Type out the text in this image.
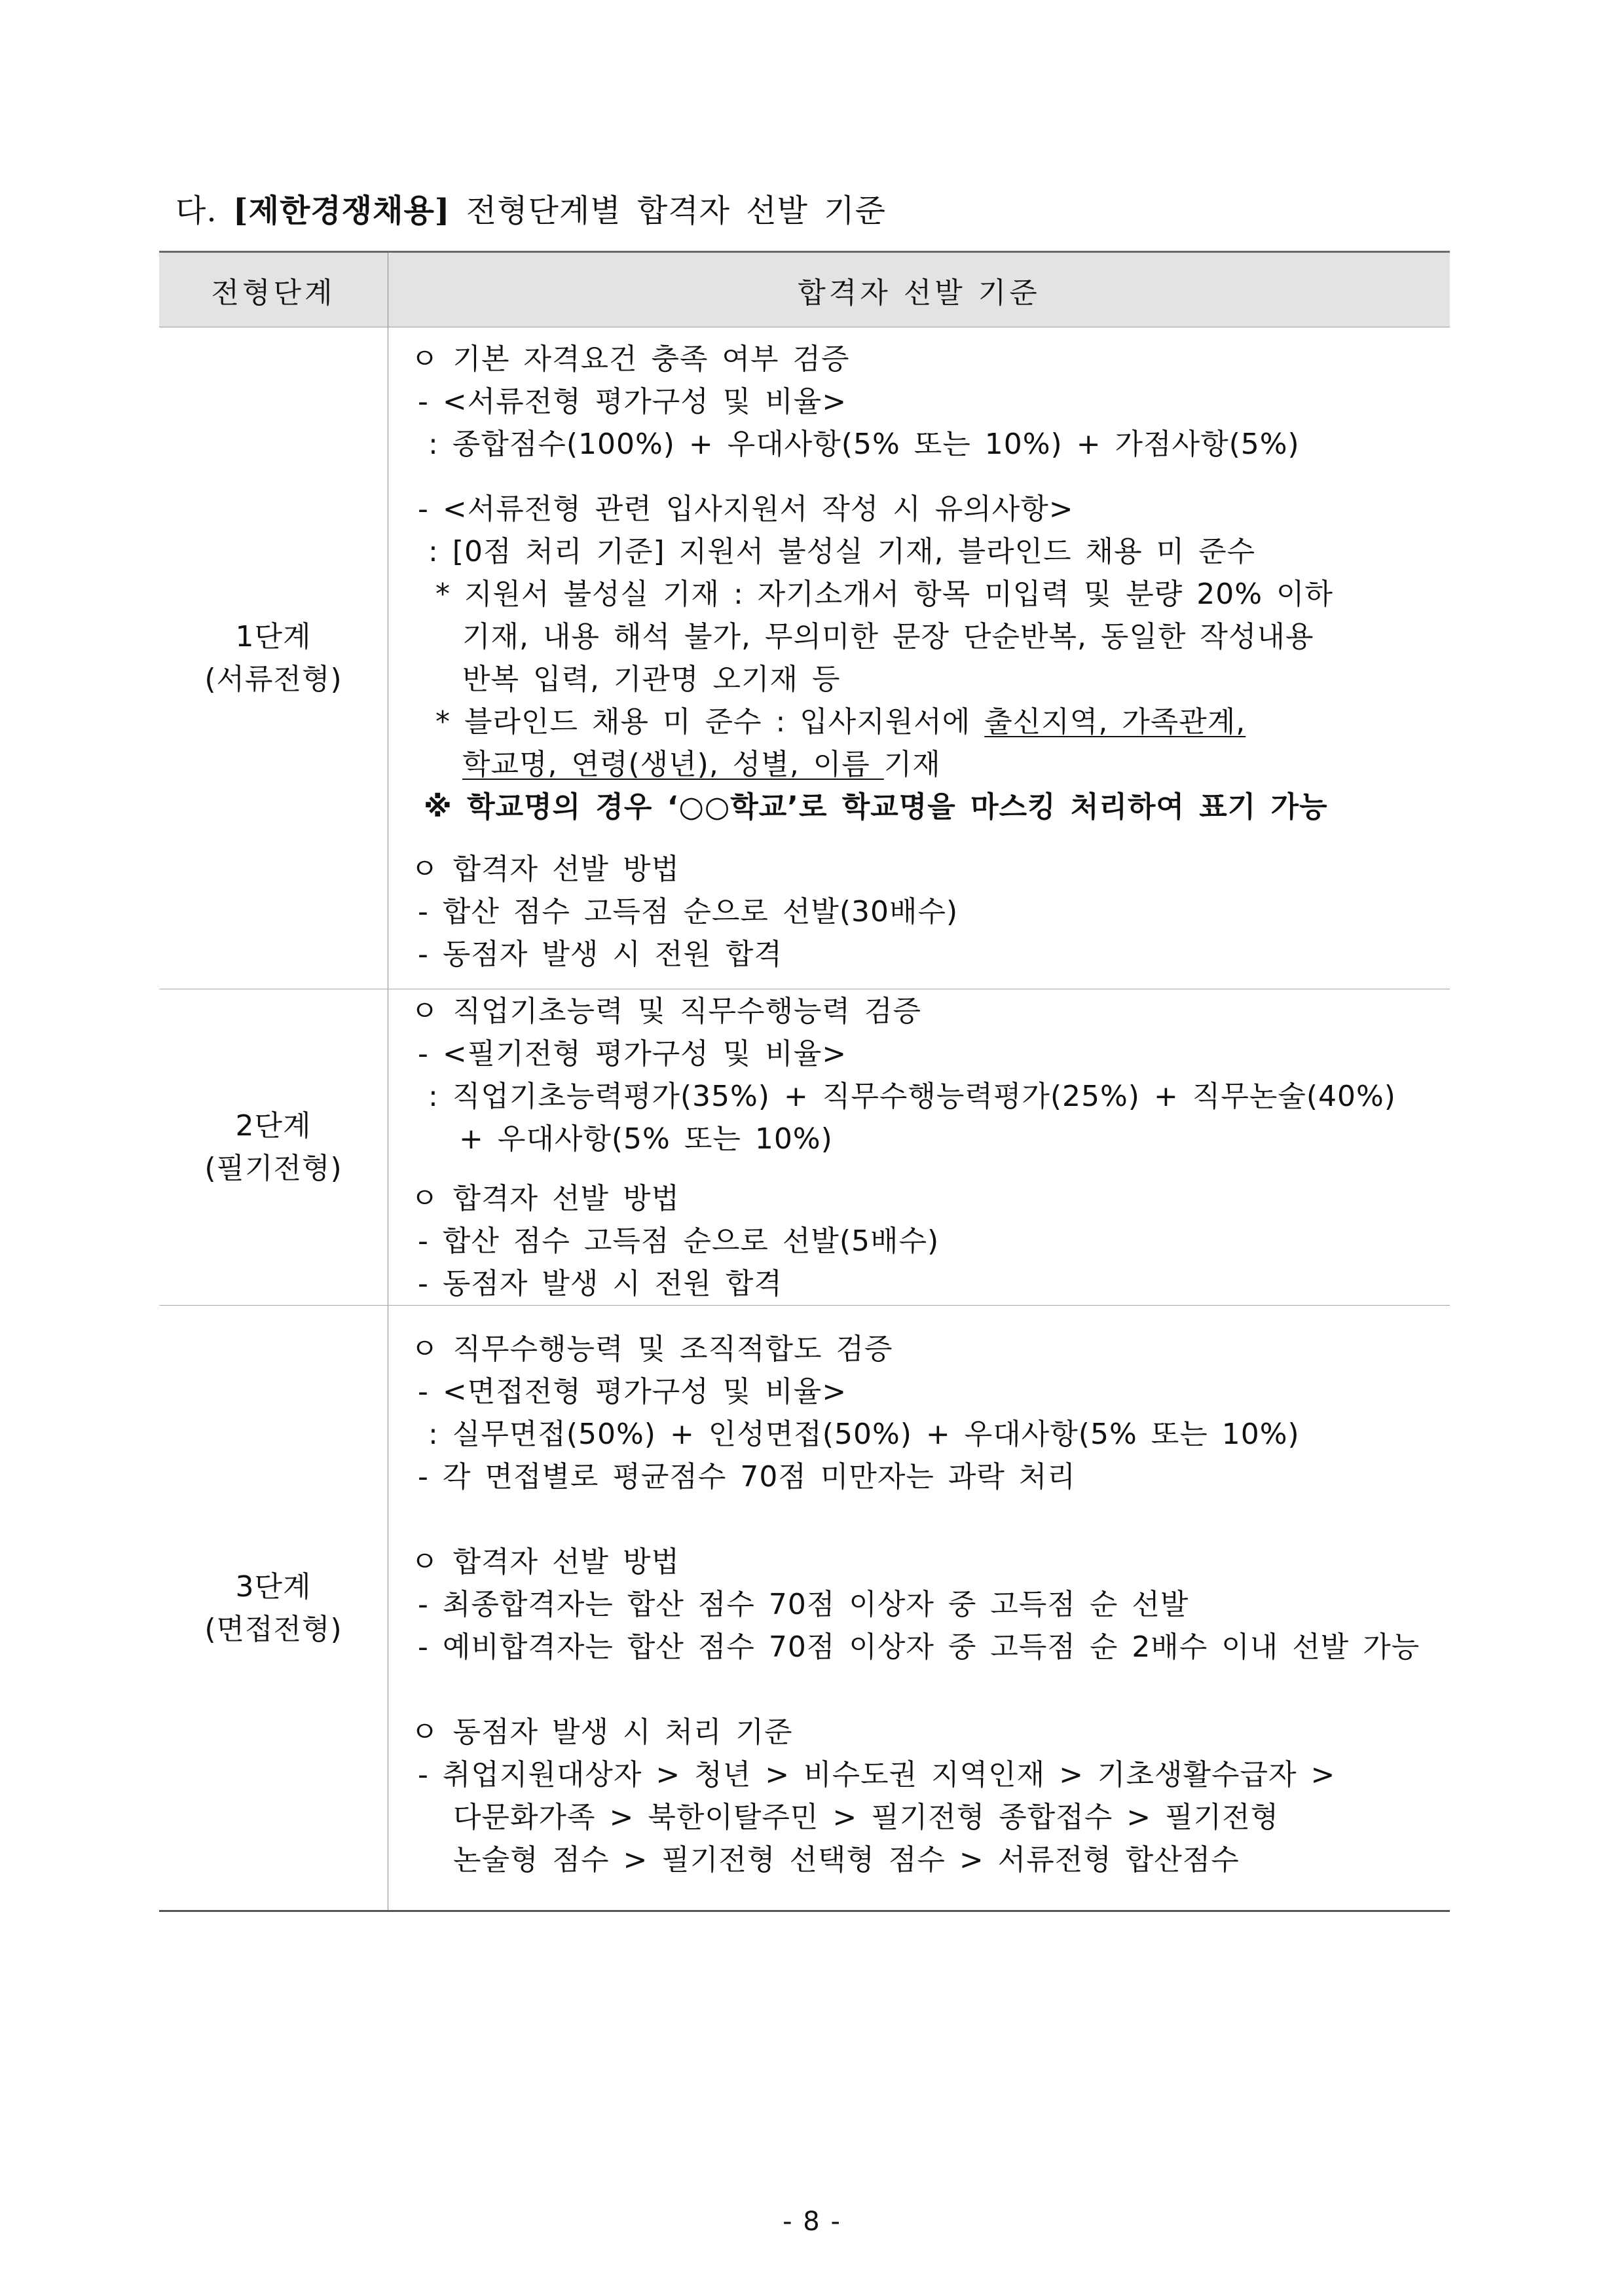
다. [제한경쟁채용] 전형단계별 합격자 선발 기준
전형단계	합격자 선발 기준
1단계
(서류전형)
ㅇ 기본 자격요건 충족 여부 검증
- <서류전형 평가구성 및 비율>
: 종합점수(100%) + 우대사항(5% 또는 10%) + 가점사항(5%)
- <서류전형 관련 입사지원서 작성 시 유의사항>
: [0점 처리 기준] 지원서 불성실 기재, 블라인드 채용 미 준수
* 지원서 불성실 기재 : 자기소개서 항목 미입력 및 분량 20% 이하
기재, 내용 해석 불가, 무의미한 문장 단순반복, 동일한 작성내용
반복 입력, 기관명 오기재 등
* 블라인드 채용 미 준수 : 입사지원서에 출신지역, 가족관계,
학교명, 연령(생년), 성별, 이름 기재
※ 학교명의 경우 ‘○○학교’로 학교명을 마스킹 처리하여 표기 가능
ㅇ 합격자 선발 방법
- 합산 점수 고득점 순으로 선발(30배수)
- 동점자 발생 시 전원 합격
2단계
(필기전형)
ㅇ 직업기초능력 및 직무수행능력 검증
- <필기전형 평가구성 및 비율>
: 직업기초능력평가(35%) + 직무수행능력평가(25%) + 직무논술(40%)
+ 우대사항(5% 또는 10%)
ㅇ 합격자 선발 방법
- 합산 점수 고득점 순으로 선발(5배수)
- 동점자 발생 시 전원 합격
3단계
(면접전형)
ㅇ 직무수행능력 및 조직적합도 검증
- <면접전형 평가구성 및 비율>
: 실무면접(50%) + 인성면접(50%) + 우대사항(5% 또는 10%)
- 각 면접별로 평균점수 70점 미만자는 과락 처리
ㅇ 합격자 선발 방법
- 최종합격자는 합산 점수 70점 이상자 중 고득점 순 선발
- 예비합격자는 합산 점수 70점 이상자 중 고득점 순 2배수 이내 선발 가능
ㅇ 동점자 발생 시 처리 기준
- 취업지원대상자 > 청년 > 비수도권 지역인재 > 기초생활수급자 >
다문화가족 > 북한이탈주민 > 필기전형 종합접수 > 필기전형
논술형 점수 > 필기전형 선택형 점수 > 서류전형 합산점수
- 8 -
